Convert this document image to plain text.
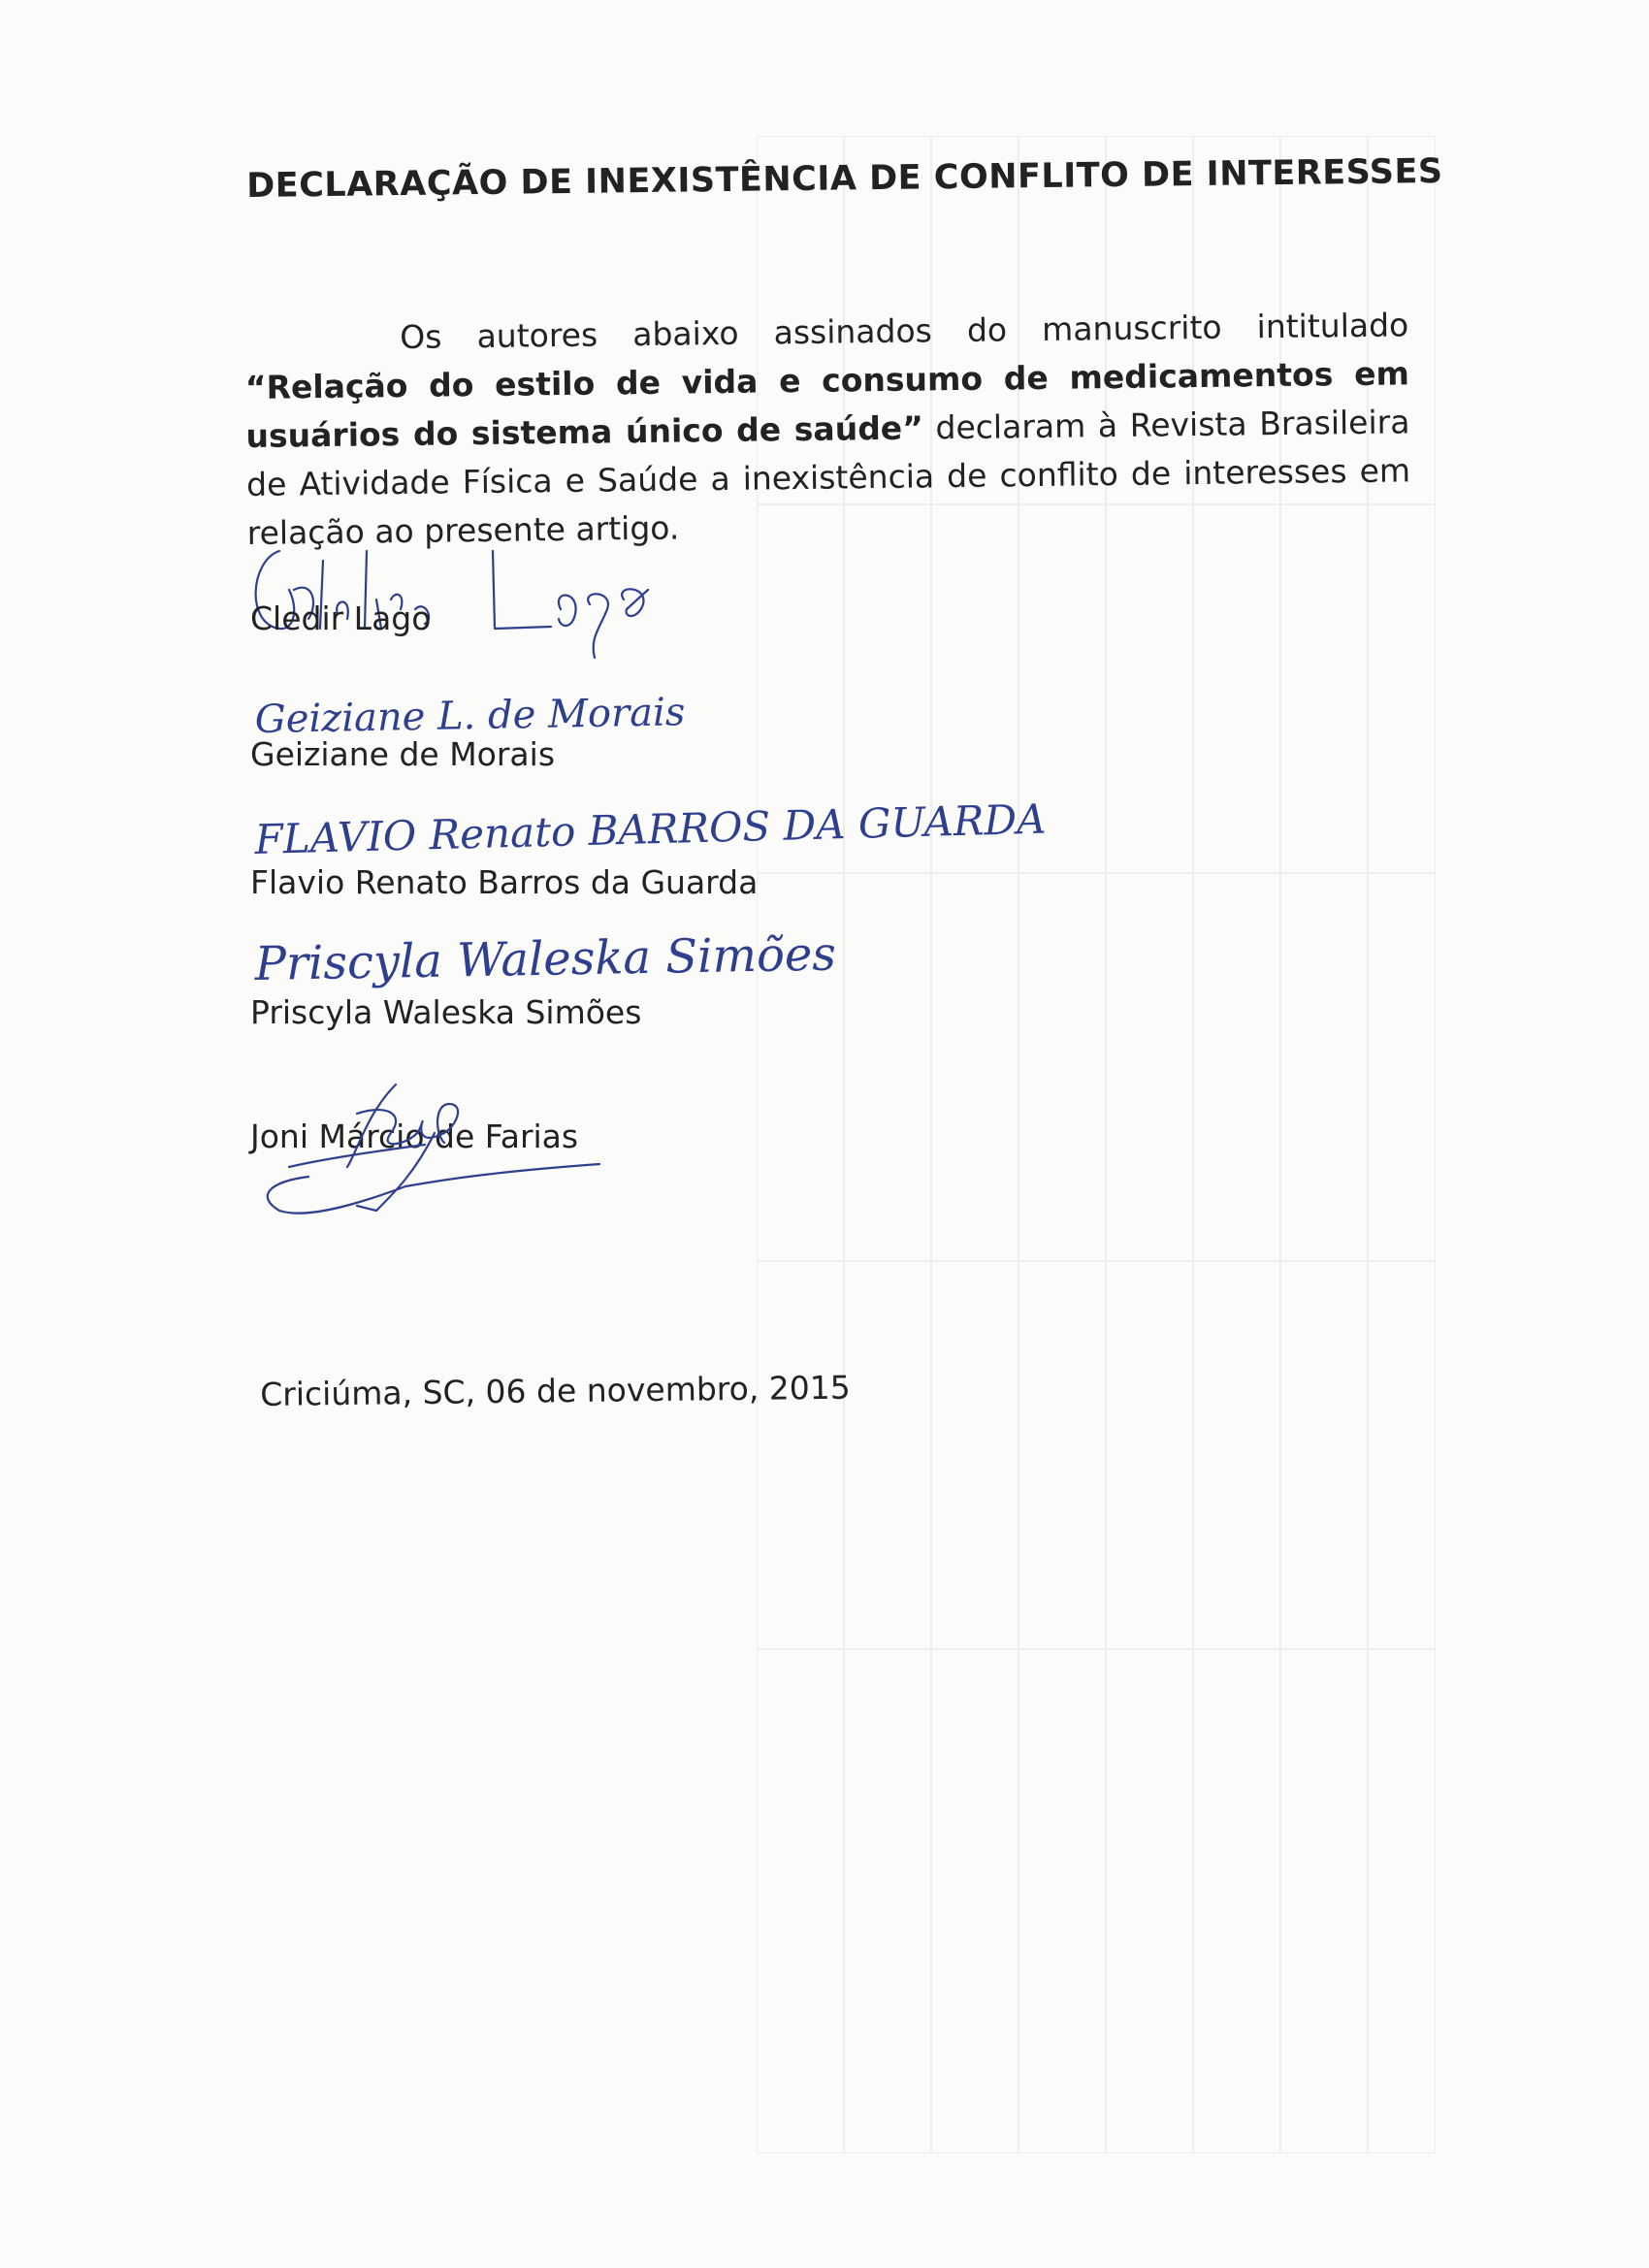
DECLARAÇÃO DE INEXISTÊNCIA DE CONFLITO DE INTERESSES
Os autores abaixo assinados do manuscrito intitulado “Relação do estilo de vida e consumo de medicamentos em usuários do sistema único de saúde” declaram à Revista Brasileira de Atividade Física e Saúde a inexistência de conflito de interesses em relação ao presente artigo.
Cledir Lago
Geiziane L. de Morais
Geiziane de Morais
FLAVIO Renato BARROS DA GUARDA
Flavio Renato Barros da Guarda
Priscyla Waleska Simões
Priscyla Waleska Simões
Joni Márcio de Farias
Criciúma, SC, 06 de novembro, 2015
